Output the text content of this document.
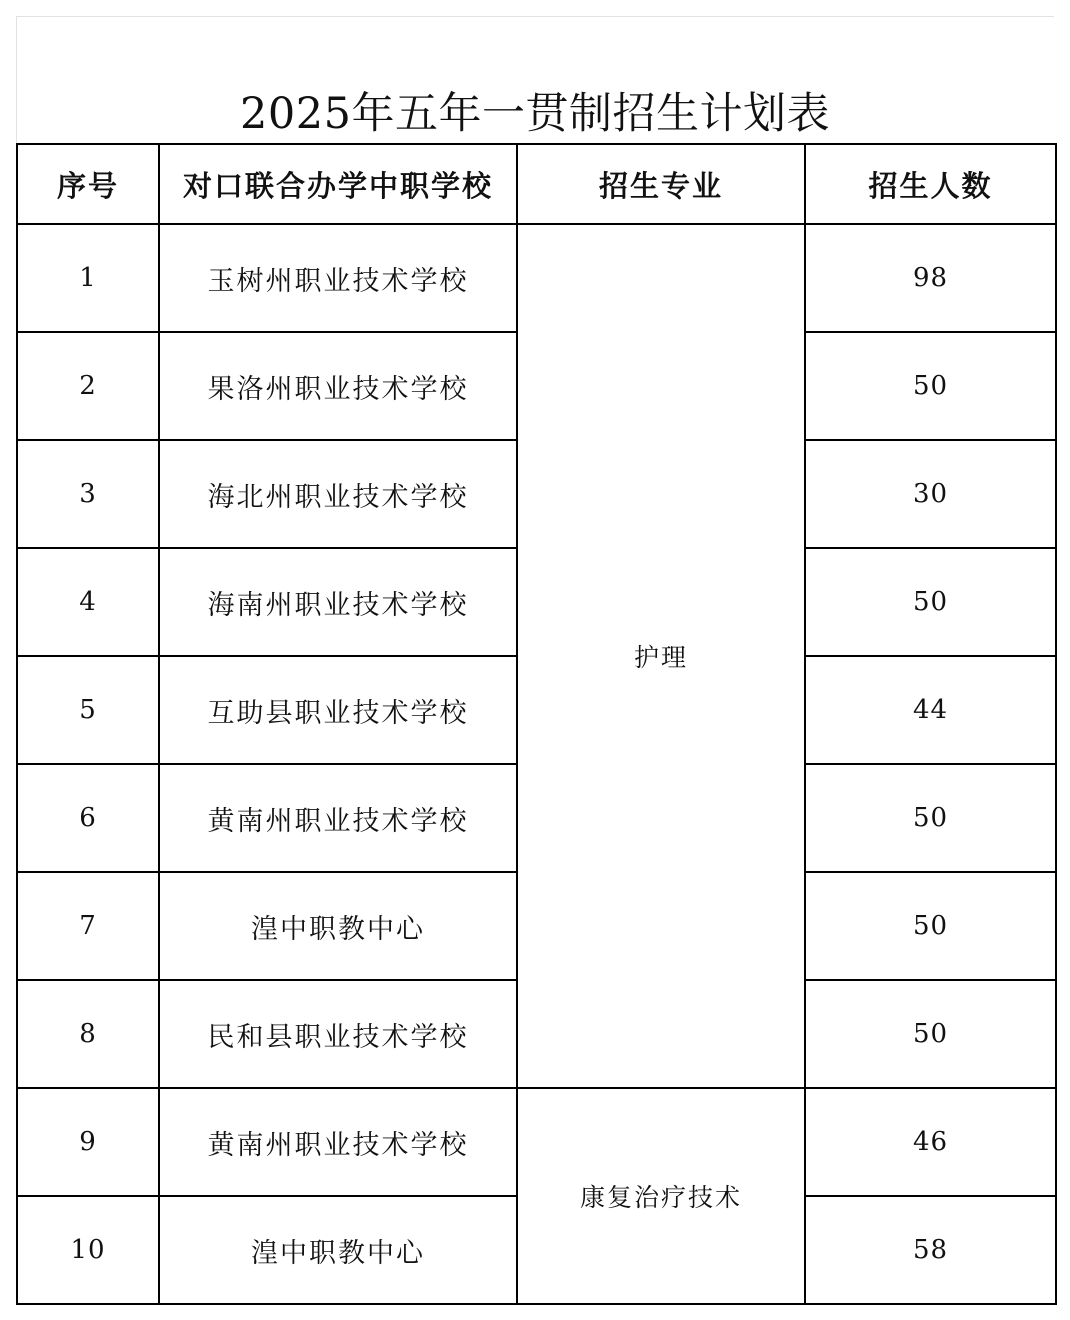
2025年五年一贯制招生计划表
序号	对口联合办学中职学校	招生专业	招生人数
1	玉树州职业技术学校	护理	98
2	果洛州职业技术学校		50
3	海北州职业技术学校		30
4	海南州职业技术学校		50
5	互助县职业技术学校		44
6	黄南州职业技术学校		50
7	湟中职教中心		50
8	民和县职业技术学校		50
9	黄南州职业技术学校	康复治疗技术	46
10	湟中职教中心		58
